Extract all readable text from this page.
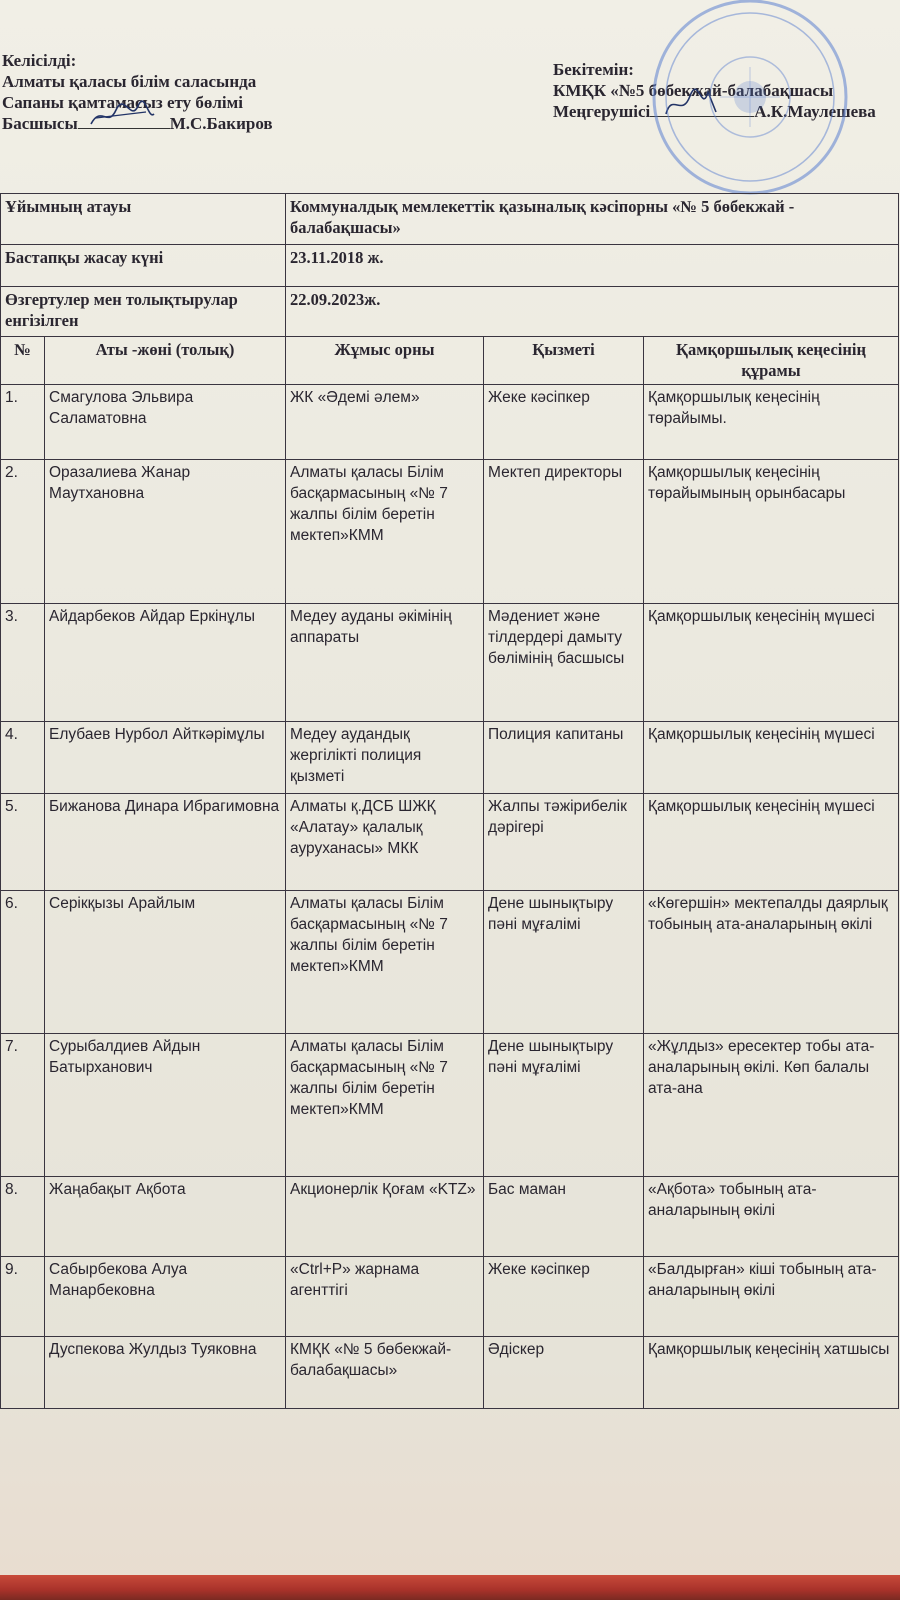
Келісілді:
Алматы қаласы білім саласында
Сапаны қамтамасыз ету бөлімі
Басшысы	М.С.Бакиров
Бекітемін:
КМҚК «№5 бөбекжай-балабақшасы
Меңгерушісі	А.К.Маулешева
Ұйымның атауы		Коммуналдық мемлекеттік қазыналық кәсіпорны «№ 5 бөбекжай - балабақшасы»		
Бастапқы жасау күні		23.11.2018 ж.		
Өзгертулер мен толықтырулар енгізілген		22.09.2023ж.		
№	Аты -жөні (толық)	Жұмыс орны	Қызметі	Қамқоршылық кеңесінің құрамы
1.	Смагулова Эльвира Саламатовна	ЖК «Әдемі әлем»	Жеке кәсіпкер	Қамқоршылық кеңесінің төрайымы.
2.	Оразалиева Жанар Маутхановна	Алматы қаласы Білім басқармасының «№ 7 жалпы білім беретін мектеп»КММ	Мектеп директоры	Қамқоршылық кеңесінің төрайымының орынбасары
3.	Айдарбеков Айдар Еркінұлы	Медеу ауданы әкімінің аппараты	Мәдениет және тілдердері дамыту бөлімінің басшысы	Қамқоршылық кеңесінің мүшесі
4.	Елубаев Нурбол Айткәрімұлы	Медеу аудандық жергілікті полиция қызметі	Полиция капитаны	Қамқоршылық кеңесінің мүшесі
5.	Бижанова Динара Ибрагимовна	Алматы қ.ДСБ ШЖҚ «Алатау» қалалық ауруханасы» МКК	Жалпы тәжірибелік дәрігері	Қамқоршылық кеңесінің мүшесі
6.	Серікқызы Арайлым	Алматы қаласы Білім басқармасының «№ 7 жалпы білім беретін мектеп»КММ	Дене шынықтыру пәні мұғалімі	«Көгершін» мектепалды даярлық тобының ата-аналарының өкілі
7.	Сурыбалдиев Айдын Батырханович	Алматы қаласы Білім басқармасының «№ 7 жалпы білім беретін мектеп»КММ	Дене шынықтыру пәні мұғалімі	«Жұлдыз» ересектер тобы ата-аналарының өкілі. Көп балалы ата-ана
8.	Жаңабақыт Ақбота	Акционерлік Қоғам «KTZ»	Бас маман	«Ақбота» тобының ата-аналарының өкілі
9.	Сабырбекова Алуа Манарбековна	«Ctrl+P» жарнама агенттігі	Жеке кәсіпкер	«Балдырған» кіші тобының ата-аналарының өкілі
	Дуспекова Жулдыз Туяковна	КМҚК «№ 5 бөбекжай-балабақшасы»	Әдіскер	Қамқоршылық кеңесінің хатшысы
